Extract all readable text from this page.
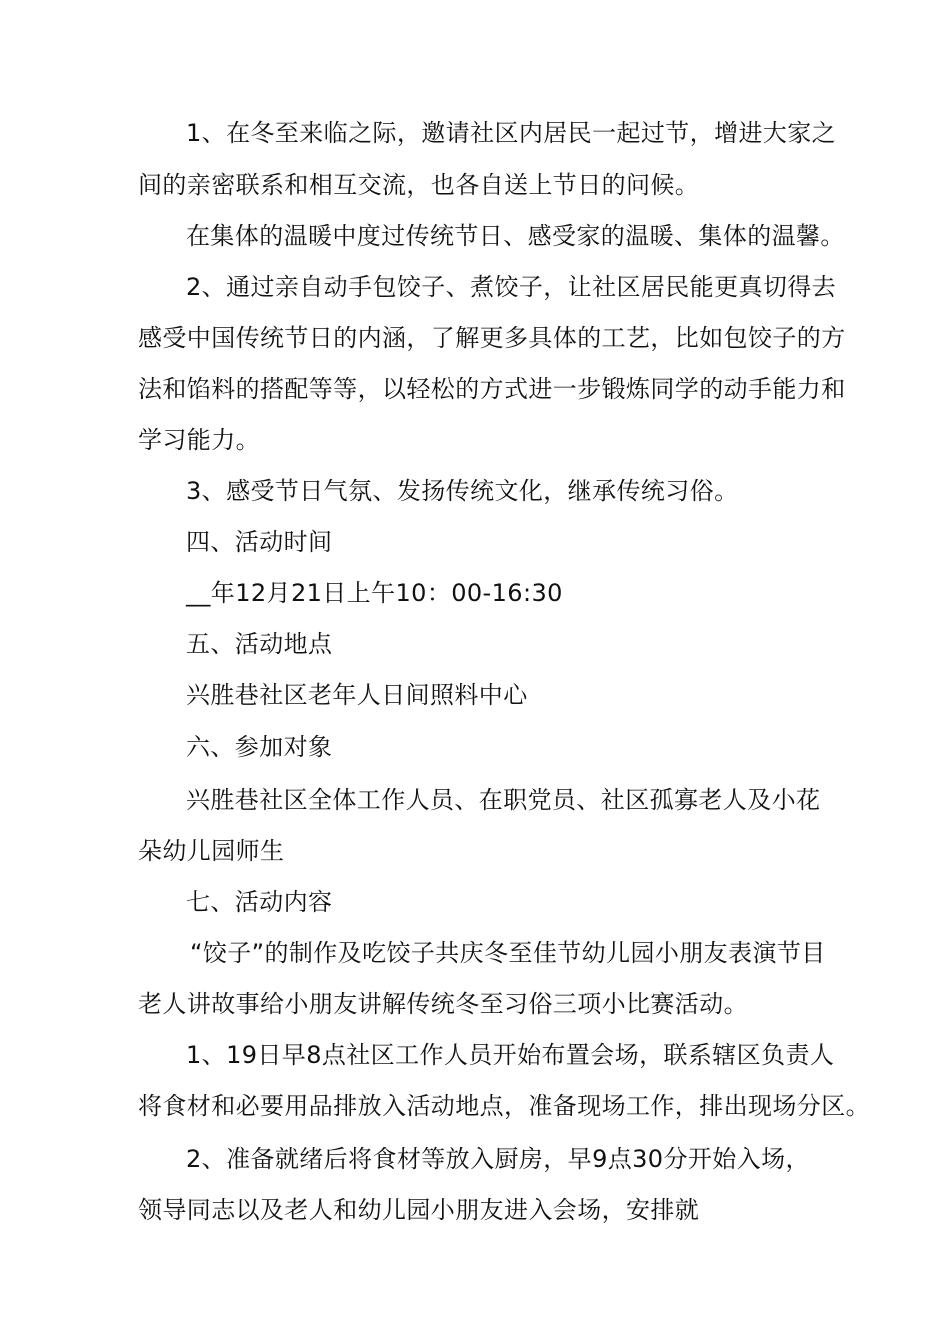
1、在冬至来临之际，邀请社区内居民一起过节，增进大家之
间的亲密联系和相互交流，也各自送上节日的问候。
在集体的温暖中度过传统节日、感受家的温暖、集体的温馨。
2、通过亲自动手包饺子、煮饺子，让社区居民能更真切得去
感受中国传统节日的内涵，了解更多具体的工艺，比如包饺子的方
法和馅料的搭配等等，以轻松的方式进一步锻炼同学的动手能力和
学习能力。
3、感受节日气氛、发扬传统文化，继承传统习俗。
四、活动时间
__年12月21日上午10：00-16:30
五、活动地点
兴胜巷社区老年人日间照料中心
六、参加对象
兴胜巷社区全体工作人员、在职党员、社区孤寡老人及小花
朵幼儿园师生
七、活动内容
“饺子”的制作及吃饺子共庆冬至佳节幼儿园小朋友表演节目
老人讲故事给小朋友讲解传统冬至习俗三项小比赛活动。
1、19日早8点社区工作人员开始布置会场，联系辖区负责人
将食材和必要用品排放入活动地点，准备现场工作，排出现场分区。
2、准备就绪后将食材等放入厨房，早9点30分开始入场，
领导同志以及老人和幼儿园小朋友进入会场，安排就
